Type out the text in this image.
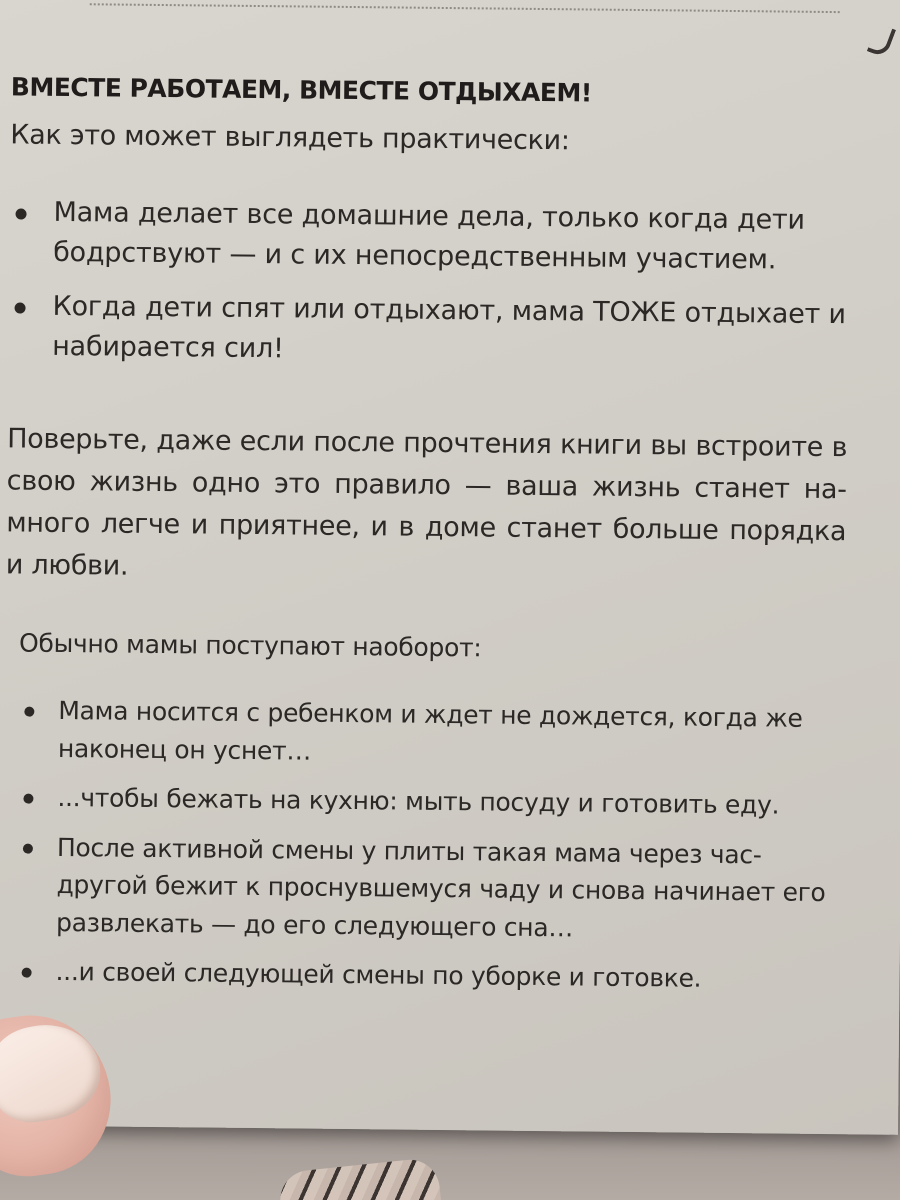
ВМЕСТЕ РАБОТАЕМ, ВМЕСТЕ ОТДЫХАЕМ!

Как это может выглядеть практически:

Мама делает все домашние дела, только когда дети бодрствуют — и с их непосредственным участием.
Когда дети спят или отдыхают, мама ТОЖЕ отдыхает и набирается сил!

Поверьте, даже если после прочтения книги вы встроите в свою жизнь одно это правило — ваша жизнь станет на-много легче и приятнее, и в доме станет больше порядка и любви.

Обычно мамы поступают наоборот:

Мама носится с ребенком и ждет не дождется, когда же наконец он уснет…
...чтобы бежать на кухню: мыть посуду и готовить еду.
После активной смены у плиты такая мама через час-другой бежит к проснувшемуся чаду и снова начинает его развлекать — до его следующего сна…
...и своей следующей смены по уборке и готовке.
